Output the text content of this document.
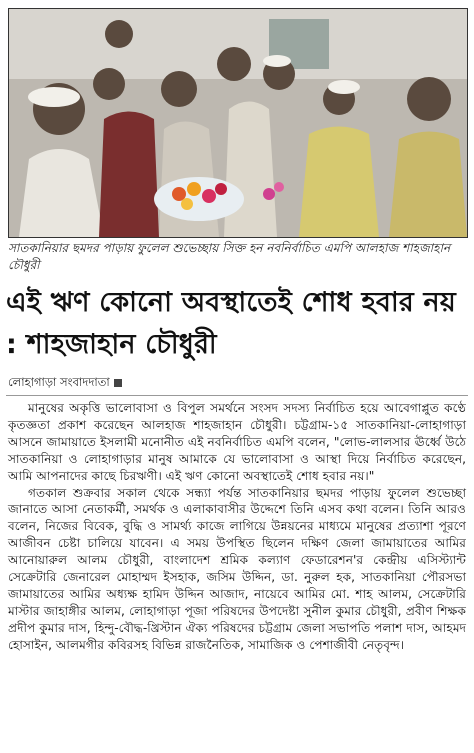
সাতকানিয়ার ছমদর পাড়ায় ফুলেল শুভেচ্ছায় সিক্ত হন নবনির্বাচিত এমপি আলহাজ শাহজাহান চৌধুরী
এই ঋণ কোনো অবস্থাতেই শোধ হবার নয় : শাহজাহান চৌধুরী
লোহাগাড়া সংবাদদাতা

মানুষের অকৃত্তি ভালোবাসা ও বিপুল সমর্থনে সংসদ সদস্য নির্বাচিত হয়ে আবেগাপ্লুত কণ্ঠে কৃতজ্ঞতা প্রকাশ করেছেন আলহাজ শাহজাহান চৌধুরী। চট্টগ্রাম-১৫ সাতকানিয়া-লোহাগাড়া আসনে জামায়াতে ইসলামী মনোনীত এই নবনির্বাচিত এমপি বলেন, "লোভ-লালসার ঊর্ধ্বে উঠে সাতকানিয়া ও লোহাগাড়ার মানুষ আমাকে যে ভালোবাসা ও আস্থা দিয়ে নির্বাচিত করেছেন, আমি আপনাদের কাছে চিরঋণী। এই ঋণ কোনো অবস্থাতেই শোধ হবার নয়।"

গতকাল শুক্রবার সকাল থেকে সন্ধ্যা পর্যন্ত সাতকানিয়ার ছমদর পাড়ায় ফুলেল শুভেচ্ছা জানাতে আসা নেতাকর্মী, সমর্থক ও এলাকাবাসীর উদ্দেশে তিনি এসব কথা বলেন। তিনি আরও বলেন, নিজের বিবেক, বুদ্ধি ও সামর্থ্য কাজে লাগিয়ে উন্নয়নের মাধ্যমে মানুষের প্রত্যাশা পূরণে আজীবন চেষ্টা চালিয়ে যাবেন। এ সময় উপস্থিত ছিলেন দক্ষিণ জেলা জামায়াতের আমির আনোয়ারুল আলম চৌধুরী, বাংলাদেশ শ্রমিক কল্যাণ ফেডারেশন'র কেন্দ্রীয় এসিস্ট্যান্ট সেক্রেটারি জেনারেল মোহাম্মদ ইসহাক, জসিম উদ্দিন, ডা. নুরুল হক, সাতকানিয়া পৌরসভা জামায়াতের আমির অধ্যক্ষ হামিদ উদ্দিন আজাদ, নায়েবে আমির মো. শাহ আলম, সেক্রেটারি মাস্টার জাহাঙ্গীর আলম, লোহাগাড়া পূজা পরিষদের উপদেষ্টা সুনীল কুমার চৌধুরী, প্রবীণ শিক্ষক প্রদীপ কুমার দাস, হিন্দু-বৌদ্ধ-খ্রিস্টান ঐক্য পরিষদের চট্টগ্রাম জেলা সভাপতি পলাশ দাস, আহমদ হোসাইন, আলমগীর কবিরসহ বিভিন্ন রাজনৈতিক, সামাজিক ও পেশাজীবী নেতৃবৃন্দ।
